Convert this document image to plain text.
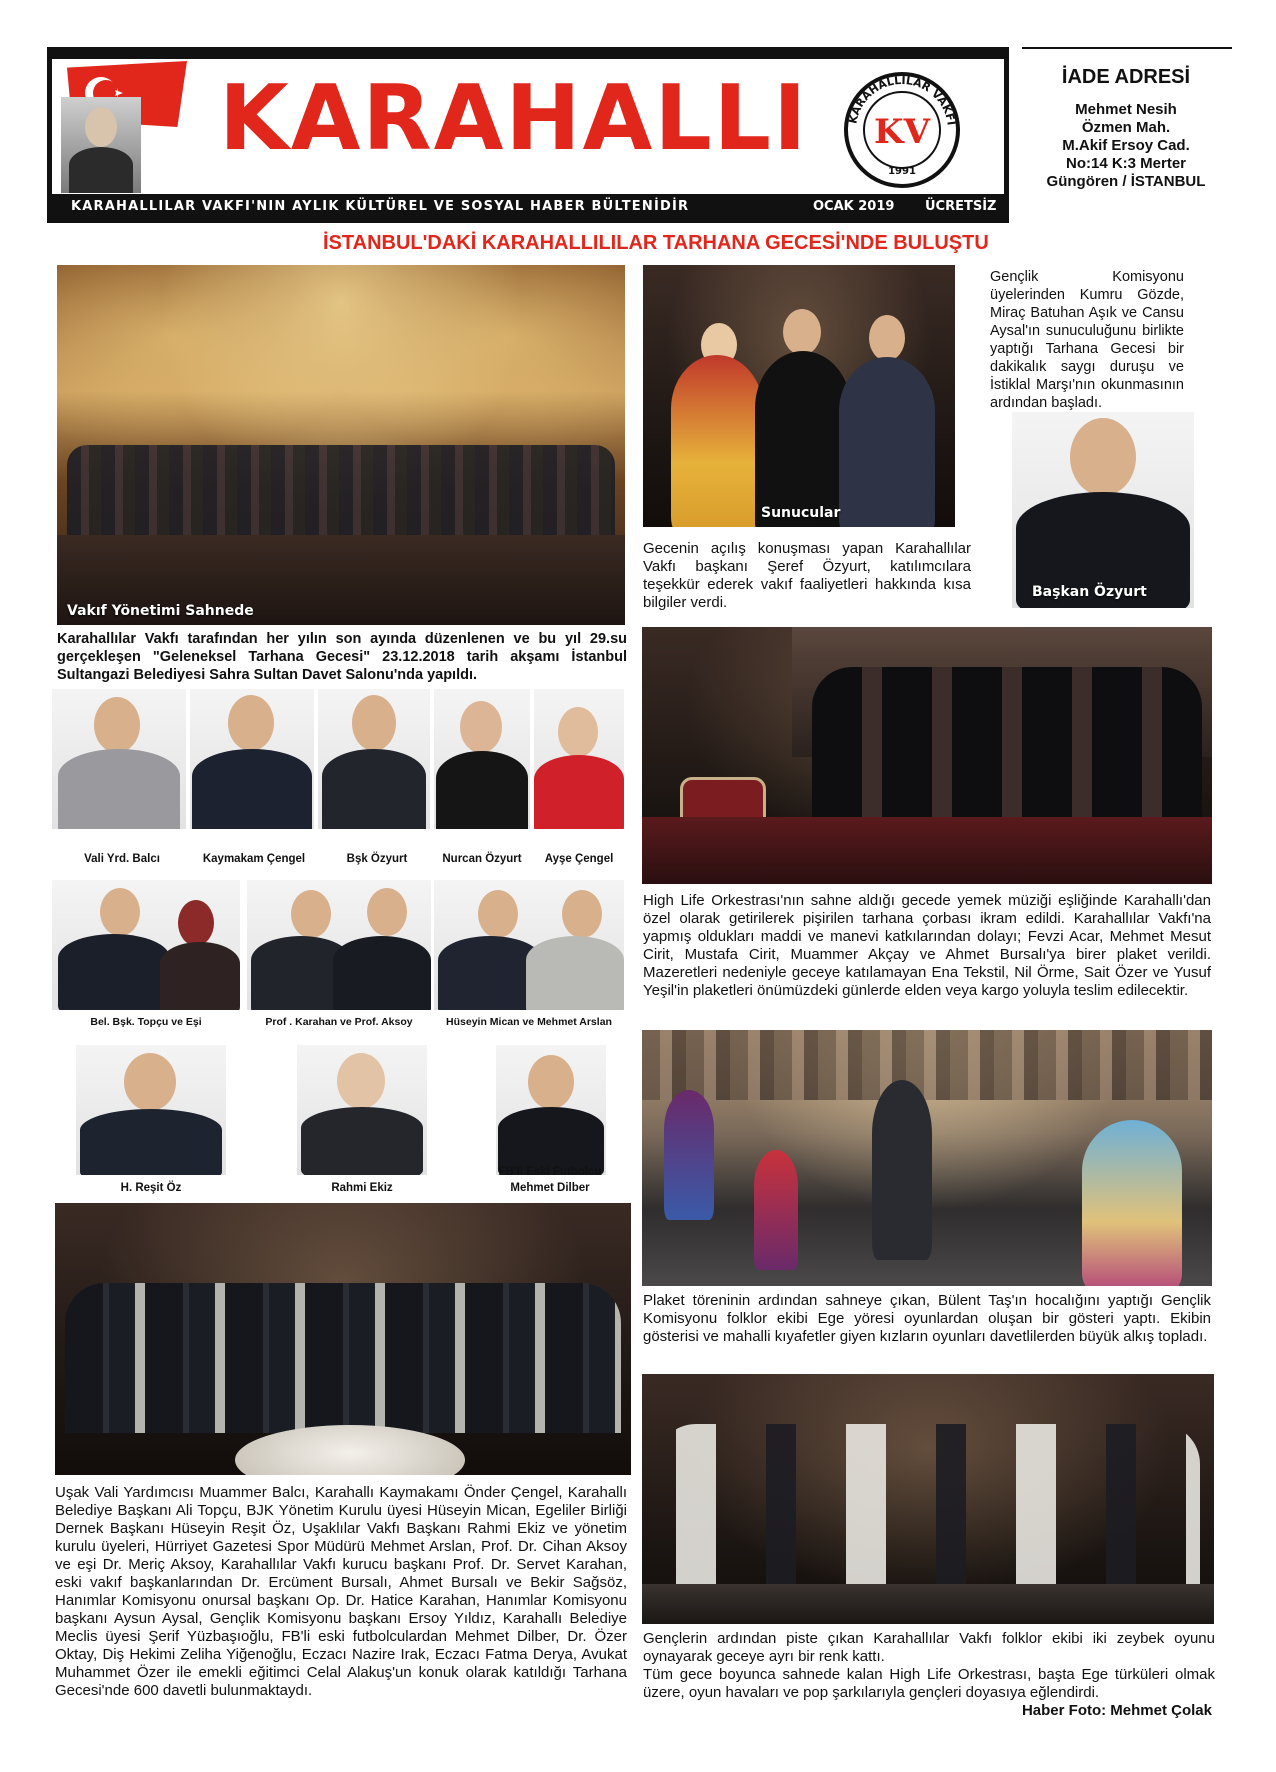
KARAHALLI	KARAHALLILAR VAKFI
KV
1991
KARAHALLILAR VAKFI'NIN AYLIK KÜLTÜREL VE SOSYAL HABER BÜLTENİDİR	OCAK 2019 ÜCRETSİZ
İADE ADRESİ
Mehmet Nesih
Özmen Mah.
M.Akif Ersoy Cad.
No:14 K:3 Merter
Güngören / İSTANBUL
İSTANBUL'DAKİ KARAHALLILILAR TARHANA GECESİ'NDE BULUŞTU
Vakıf Yönetimi Sahnede

Karahallılar Vakfı tarafından her yılın son ayında düzenlenen ve bu yıl 29.su gerçekleşen "Geleneksel Tarhana Gecesi" 23.12.2018 tarih akşamı İstanbul Sultangazi Belediyesi Sahra Sultan Davet Salonu'nda yapıldı.

Vali Yrd. Balcı	Kaymakam Çengel	Bşk Özyurt	Nurcan Özyurt	Ayşe Çengel
Bel. Bşk. Topçu ve Eşi	Prof . Karahan ve Prof. Aksoy	Hüseyin Mican ve Mehmet Arslan
H. Reşit Öz	Rahmi Ekiz
FB'li Eski Futbolcu
Mehmet Dilber

Uşak Vali Yardımcısı Muammer Balcı, Karahallı Kaymakamı Önder Çengel, Karahallı Belediye Başkanı Ali Topçu, BJK Yönetim Kurulu üyesi Hüseyin Mican, Egeliler Birliği Dernek Başkanı Hüseyin Reşit Öz, Uşaklılar Vakfı Başkanı Rahmi Ekiz ve yönetim kurulu üyeleri, Hürriyet Gazetesi Spor Müdürü Mehmet Arslan, Prof. Dr. Cihan Aksoy ve eşi Dr. Meriç Aksoy, Karahallılar Vakfı kurucu başkanı Prof. Dr. Servet Karahan, eski vakıf başkanlarından Dr. Ercüment Bursalı, Ahmet Bursalı ve Bekir Sağsöz, Hanımlar Komisyonu onursal başkanı Op. Dr. Hatice Karahan, Hanımlar Komisyonu başkanı Aysun Aysal, Gençlik Komisyonu başkanı Ersoy Yıldız, Karahallı Belediye Meclis üyesi Şerif Yüzbaşıoğlu, FB'li eski futbolculardan Mehmet Dilber, Dr. Özer Oktay, Diş Hekimi Zeliha Yiğenoğlu, Eczacı Nazire Irak, Eczacı Fatma Derya, Avukat Muhammet Özer ile emekli eğitimci Celal Alakuş'un konuk olarak katıldığı Tarhana Gecesi'nde 600 davetli bulunmaktaydı.

Sunucular

Gençlik Komisyonu üyelerinden Kumru Gözde, Miraç Batuhan Aşık ve Cansu Aysal'ın sunuculuğunu birlikte yaptığı Tarhana Gecesi bir dakikalık saygı duruşu ve İstiklal Marşı'nın okunmasının ardından başladı.

Gecenin açılış konuşması yapan Karahallılar Vakfı başkanı Şeref Özyurt, katılımcılara teşekkür ederek vakıf faaliyetleri hakkında kısa bilgiler verdi.

Başkan Özyurt

High Life Orkestrası'nın sahne aldığı gecede yemek müziği eşliğinde Karahallı'dan özel olarak getirilerek pişirilen tarhana çorbası ikram edildi. Karahallılar Vakfı'na yapmış oldukları maddi ve manevi katkılarından dolayı; Fevzi Acar, Mehmet Mesut Cirit, Mustafa Cirit, Muammer Akçay ve Ahmet Bursalı'ya birer plaket verildi. Mazeretleri nedeniyle geceye katılamayan Ena Tekstil, Nil Örme, Sait Özer ve Yusuf Yeşil'in plaketleri önümüzdeki günlerde elden veya kargo yoluyla teslim edilecektir.

Plaket töreninin ardından sahneye çıkan, Bülent Taş'ın hocalığını yaptığı Gençlik Komisyonu folklor ekibi Ege yöresi oyunlardan oluşan bir gösteri yaptı. Ekibin gösterisi ve mahalli kıyafetler giyen kızların oyunları davetlilerden büyük alkış topladı.

Gençlerin ardından piste çıkan Karahallılar Vakfı folklor ekibi iki zeybek oyunu oynayarak geceye ayrı bir renk kattı.

Tüm gece boyunca sahnede kalan High Life Orkestrası, başta Ege türküleri olmak üzere, oyun havaları ve pop şarkılarıyla gençleri doyasıya eğlendirdi.

Haber Foto: Mehmet Çolak
